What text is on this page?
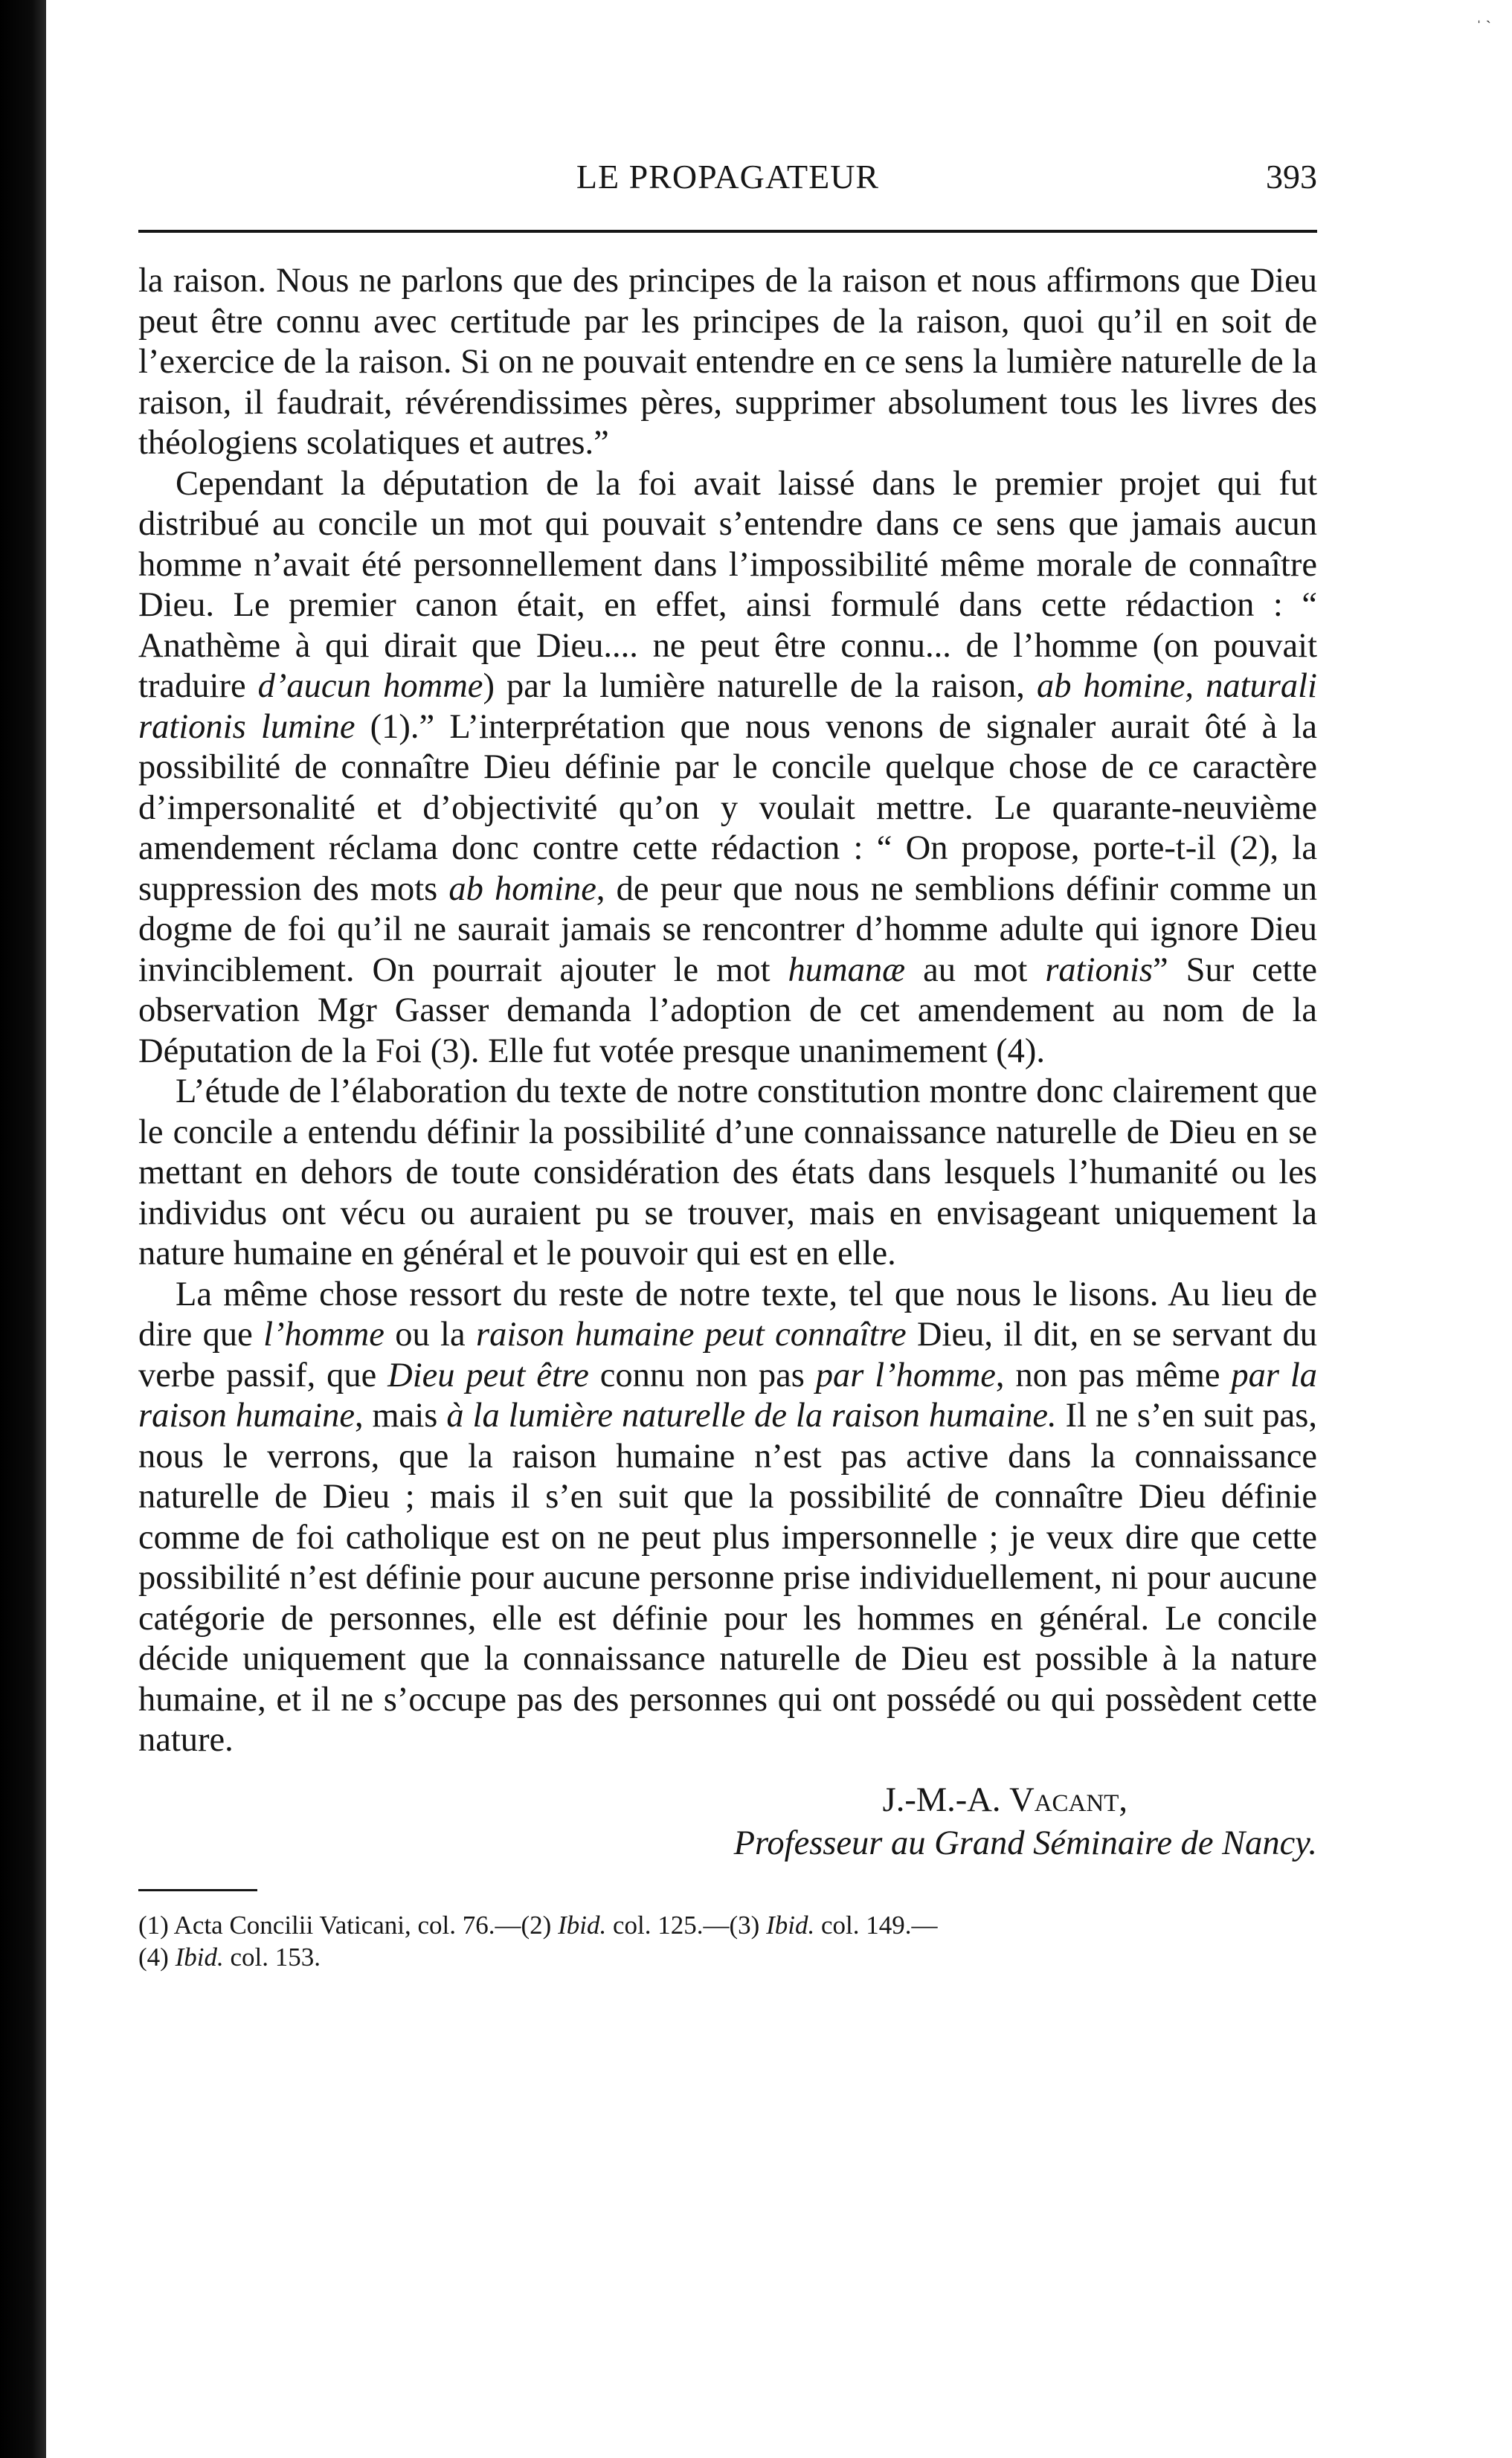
ˌ ˎ
LE PROPAGATEUR	393

la raison. Nous ne parlons que des principes de la raison et nous affirmons que Dieu peut être connu avec certitude par les principes de la raison, quoi qu’il en soit de l’exercice de la raison. Si on ne pouvait entendre en ce sens la lumière naturelle de la raison, il faudrait, révérendissimes pères, supprimer absolument tous les livres des théologiens scolatiques et autres.”

Cependant la députation de la foi avait laissé dans le premier projet qui fut distribué au concile un mot qui pouvait s’entendre dans ce sens que jamais aucun homme n’avait été personnellement dans l’impossibilité même morale de connaître Dieu. Le premier canon était, en effet, ainsi formulé dans cette rédaction : “ Anathème à qui dirait que Dieu.... ne peut être connu... de l’homme (on pouvait traduire d’aucun homme) par la lumière naturelle de la raison, ab homine, naturali rationis lumine (1).” L’interprétation que nous venons de signaler aurait ôté à la possibilité de connaître Dieu définie par le concile quelque chose de ce caractère d’impersonalité et d’objectivité qu’on y voulait mettre. Le quarante-neuvième amendement réclama donc contre cette rédaction : “ On propose, porte-t-il (2), la suppression des mots ab homine, de peur que nous ne semblions définir comme un dogme de foi qu’il ne saurait jamais se rencontrer d’homme adulte qui ignore Dieu invinciblement. On pourrait ajouter le mot humanæ au mot rationis” Sur cette observation Mgr Gasser demanda l’adoption de cet amendement au nom de la Députation de la Foi (3). Elle fut votée presque unanimement (4).

L’étude de l’élaboration du texte de notre constitution montre donc clairement que le concile a entendu définir la possibilité d’une connaissance naturelle de Dieu en se mettant en dehors de toute considération des états dans lesquels l’humanité ou les individus ont vécu ou auraient pu se trouver, mais en envisageant uniquement la nature humaine en général et le pouvoir qui est en elle.

La même chose ressort du reste de notre texte, tel que nous le lisons. Au lieu de dire que l’homme ou la raison humaine peut connaître Dieu, il dit, en se servant du verbe passif, que Dieu peut être connu non pas par l’homme, non pas même par la raison humaine, mais à la lumière naturelle de la raison humaine. Il ne s’en suit pas, nous le verrons, que la raison humaine n’est pas active dans la connaissance naturelle de Dieu ; mais il s’en suit que la possibilité de connaître Dieu définie comme de foi catholique est on ne peut plus impersonnelle ; je veux dire que cette possibilité n’est définie pour aucune personne prise individuellement, ni pour aucune catégorie de personnes, elle est définie pour les hommes en général. Le concile décide uniquement que la connaissance naturelle de Dieu est possible à la nature humaine, et il ne s’occupe pas des personnes qui ont possédé ou qui possèdent cette nature.

J.-M.-A. Vacant,
Professeur au Grand Séminaire de Nancy.

(1) Acta Concilii Vaticani, col. 76.—(2) Ibid. col. 125.—(3) Ibid. col. 149.—

(4) Ibid. col. 153.
